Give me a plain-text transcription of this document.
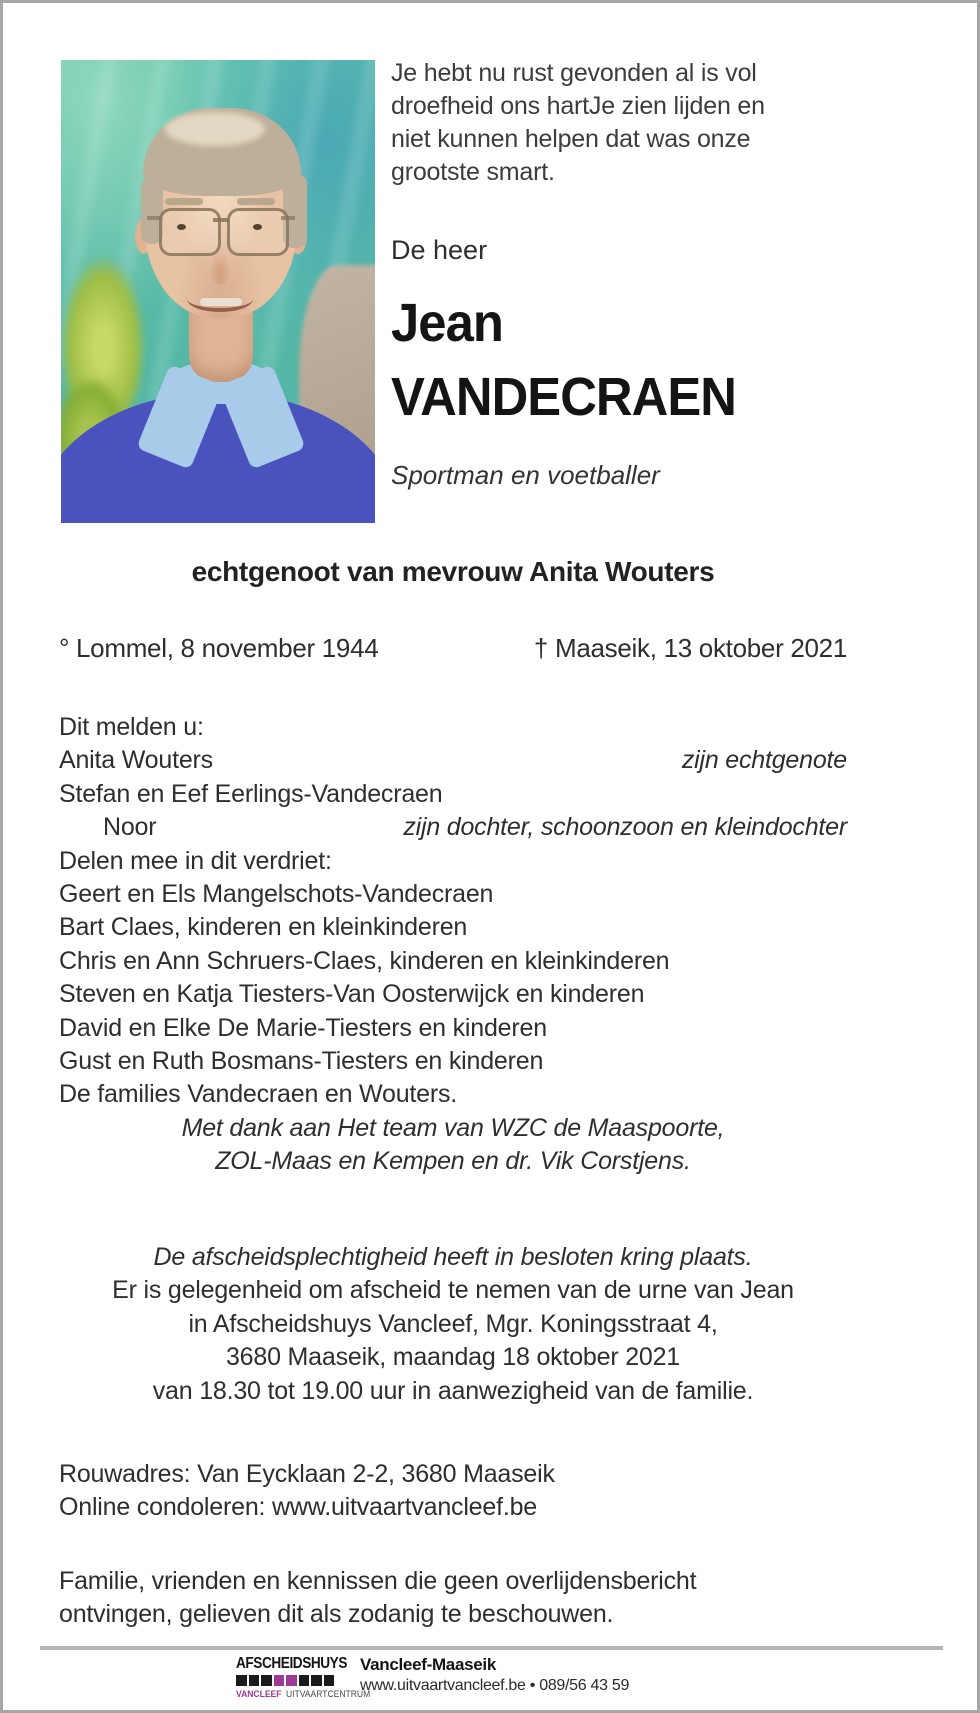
Je hebt nu rust gevonden al is vol
droefheid ons hartJe zien lijden en
niet kunnen helpen dat was onze
grootste smart.
De heer
Jean
VANDECRAEN
Sportman en voetballer
echtgenoot van mevrouw Anita Wouters
° Lommel, 8 november 1944	† Maaseik, 13 oktober 2021
Dit melden u:
Anita Wouters	zijn echtgenote
Stefan en Eef Eerlings-Vandecraen
Noor	zijn dochter, schoonzoon en kleindochter
Delen mee in dit verdriet:
Geert en Els Mangelschots-Vandecraen
Bart Claes, kinderen en kleinkinderen
Chris en Ann Schruers-Claes, kinderen en kleinkinderen
Steven en Katja Tiesters-Van Oosterwijck en kinderen
David en Elke De Marie-Tiesters en kinderen
Gust en Ruth Bosmans-Tiesters en kinderen
De families Vandecraen en Wouters.
Met dank aan Het team van WZC de Maaspoorte,
ZOL-Maas en Kempen en dr. Vik Corstjens.
De afscheidsplechtigheid heeft in besloten kring plaats.
Er is gelegenheid om afscheid te nemen van de urne van Jean
in Afscheidshuys Vancleef, Mgr. Koningsstraat 4,
3680 Maaseik, maandag 18 oktober 2021
van 18.30 tot 19.00 uur in aanwezigheid van de familie.
Rouwadres: Van Eycklaan 2-2, 3680 Maaseik
Online condoleren: www.uitvaartvancleef.be
Familie, vrienden en kennissen die geen overlijdensbericht
ontvingen, gelieven dit als zodanig te beschouwen.
AFSCHEIDSHUYS
VANCLEEF UITVAARTCENTRUM
Vancleef-Maaseik
www.uitvaartvancleef.be • 089/56 43 59
